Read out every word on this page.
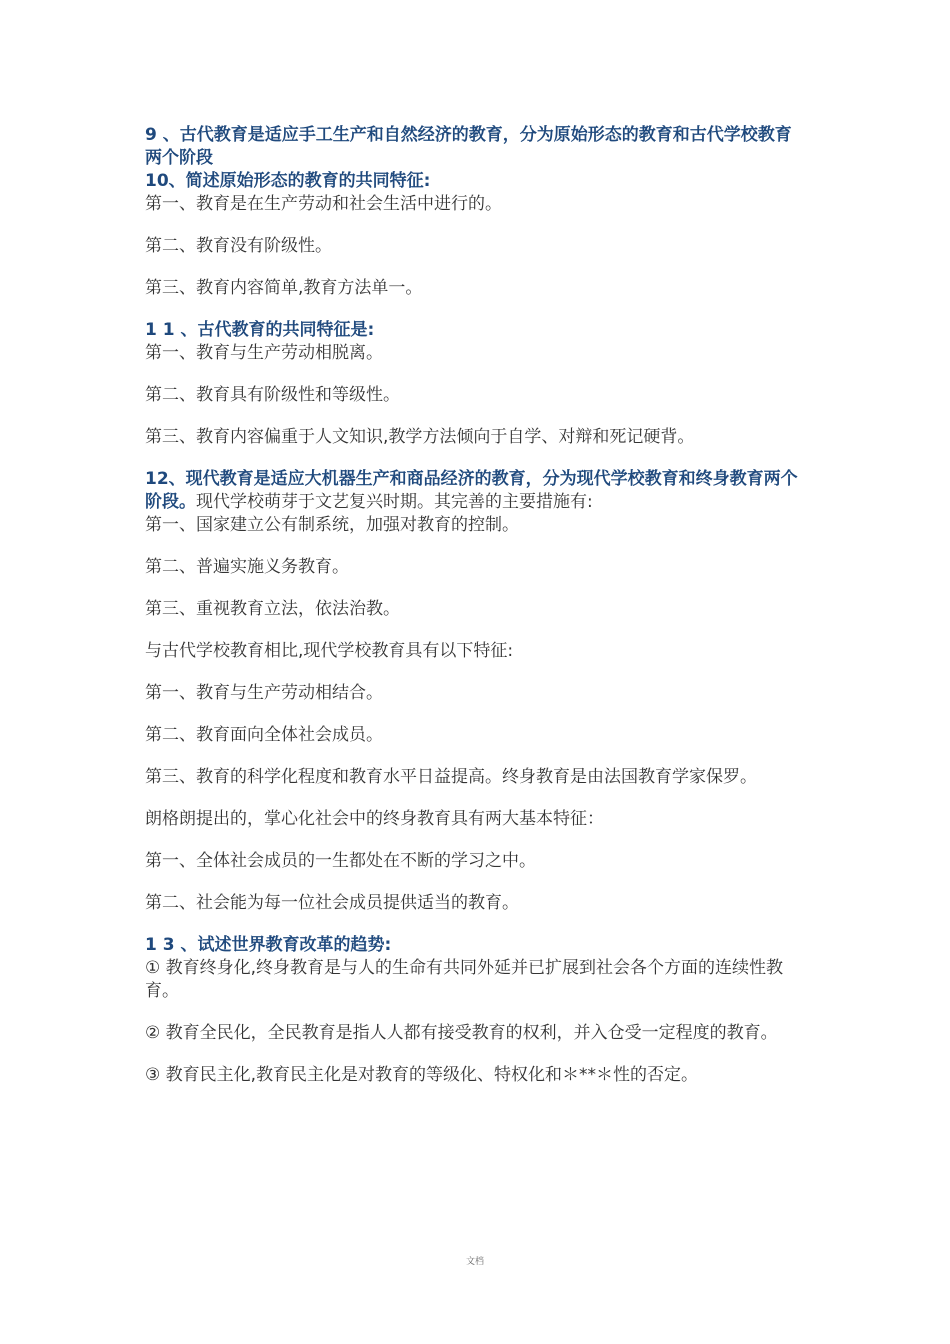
9 、古代教育是适应手工生产和自然经济的教育，分为原始形态的教育和古代学校教育两个阶段

10、简述原始形态的教育的共同特征:

第一、教育是在生产劳动和社会生活中进行的。

第二、教育没有阶级性。

第三、教育内容简单,教育方法单一。

1 1 、古代教育的共同特征是:

第一、教育与生产劳动相脱离。

第二、教育具有阶级性和等级性。

第三、教育内容偏重于人文知识,教学方法倾向于自学、对辩和死记硬背。

12、现代教育是适应大机器生产和商品经济的教育，分为现代学校教育和终身教育两个阶段。现代学校萌芽于文艺复兴时期。其完善的主要措施有:

第一、国家建立公有制系统，加强对教育的控制。

第二、普遍实施义务教育。

第三、重视教育立法，依法治教。

与古代学校教育相比,现代学校教育具有以下特征:

第一、教育与生产劳动相结合。

第二、教育面向全体社会成员。

第三、教育的科学化程度和教育水平日益提高。终身教育是由法国教育学家保罗。

朗格朗提出的，掌心化社会中的终身教育具有两大基本特征：

第一、全体社会成员的一生都处在不断的学习之中。

第二、社会能为每一位社会成员提供适当的教育。

1 3 、试述世界教育改革的趋势:

① 教育终身化,终身教育是与人的生命有共同外延并已扩展到社会各个方面的连续性教育。

② 教育全民化，全民教育是指人人都有接受教育的权利，并入仓受一定程度的教育。

③ 教育民主化,教育民主化是对教育的等级化、特权化和＊**＊性的否定。

文档
